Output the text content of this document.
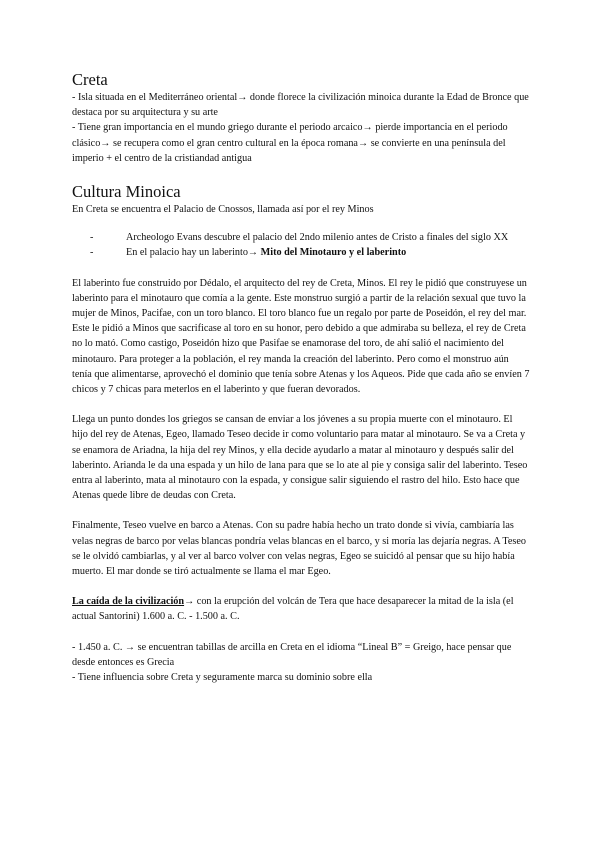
Creta

- Isla situada en el Mediterráneo oriental→ donde florece la civilización minoica durante la Edad de Bronce que destaca por su arquitectura y su arte

- Tiene gran importancia en el mundo griego durante el periodo arcaico→ pierde importancia en el periodo clásico→ se recupera como el gran centro cultural en la época romana→ se convierte en una península del imperio + el centro de la cristiandad antigua

Cultura Minoica

En Creta se encuentra el Palacio de Cnossos, llamada así por el rey Minos

- Archeologo Evans descubre el palacio del 2ndo milenio antes de Cristo a finales del siglo XX
- En el palacio hay un laberinto→ Mito del Minotauro y el laberinto

El laberinto fue construido por Dédalo, el arquitecto del rey de Creta, Minos. El rey le pidió que construyese un laberinto para el minotauro que comía a la gente. Este monstruo surgió a partir de la relación sexual que tuvo la mujer de Minos, Pacifae, con un toro blanco. El toro blanco fue un regalo por parte de Poseidón, el rey del mar. Este le pidió a Minos que sacrificase al toro en su honor, pero debido a que admiraba su belleza, el rey de Creta no lo mató. Como castigo, Poseidón hizo que Pasifae se enamorase del toro, de ahí salió el nacimiento del minotauro. Para proteger a la población, el rey manda la creación del laberinto. Pero como el monstruo aún tenía que alimentarse, aprovechó el dominio que tenía sobre Atenas y los Aqueos. Pide que cada año se envíen 7 chicos y 7 chicas para meterlos en el laberinto y que fueran devorados.

Llega un punto dondes los griegos se cansan de enviar a los jóvenes a su propia muerte con el minotauro. El hijo del rey de Atenas, Egeo, llamado Teseo decide ir como voluntario para matar al minotauro. Se va a Creta y se enamora de Ariadna, la hija del rey Minos, y ella decide ayudarlo a matar al minotauro y después salir del laberinto. Arianda le da una espada y un hilo de lana para que se lo ate al pie y consiga salir del laberinto. Teseo entra al laberinto, mata al minotauro con la espada, y consigue salir siguiendo el rastro del hilo. Esto hace que Atenas quede libre de deudas con Creta.

Finalmente, Teseo vuelve en barco a Atenas. Con su padre había hecho un trato donde si vivía, cambiaría las velas negras de barco por velas blancas pondría velas blancas en el barco, y si moría las dejaría negras. A Teseo se le olvidó cambiarlas, y al ver al barco volver con velas negras, Egeo se suicidó al pensar que su hijo había muerto. El mar donde se tiró actualmente se llama el mar Egeo.

La caída de la civilización→ con la erupción del volcán de Tera que hace desaparecer la mitad de la isla (el actual Santorini) 1.600 a. C. - 1.500 a. C.

- 1.450 a. C. → se encuentran tabillas de arcilla en Creta en el idioma “Lineal B” = Greigo, hace pensar que desde entonces es Grecia

- Tiene influencia sobre Creta y seguramente marca su dominio sobre ella
